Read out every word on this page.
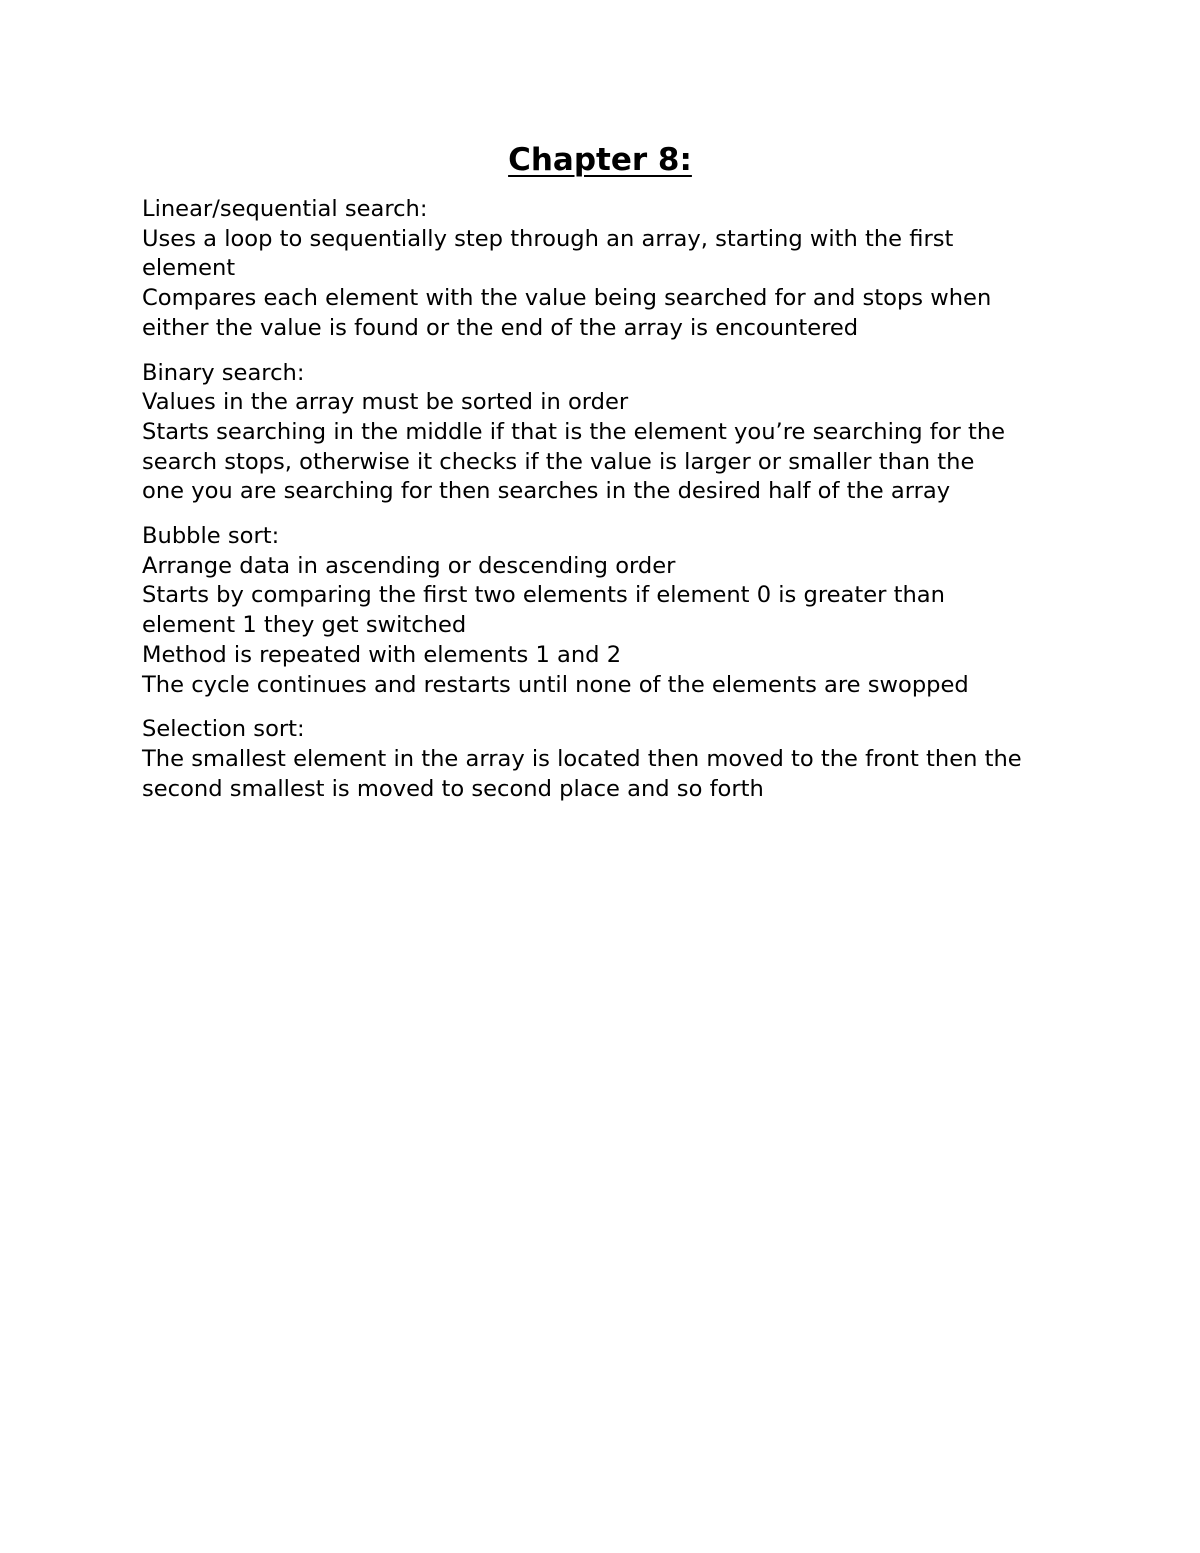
Chapter 8:
Linear/sequential search:
Uses a loop to sequentially step through an array, starting with the first
element
Compares each element with the value being searched for and stops when
either the value is found or the end of the array is encountered
Binary search:
Values in the array must be sorted in order
Starts searching in the middle if that is the element you’re searching for the
search stops, otherwise it checks if the value is larger or smaller than the
one you are searching for then searches in the desired half of the array
Bubble sort:
Arrange data in ascending or descending order
Starts by comparing the first two elements if element 0 is greater than
element 1 they get switched
Method is repeated with elements 1 and 2
The cycle continues and restarts until none of the elements are swopped
Selection sort:
The smallest element in the array is located then moved to the front then the
second smallest is moved to second place and so forth
